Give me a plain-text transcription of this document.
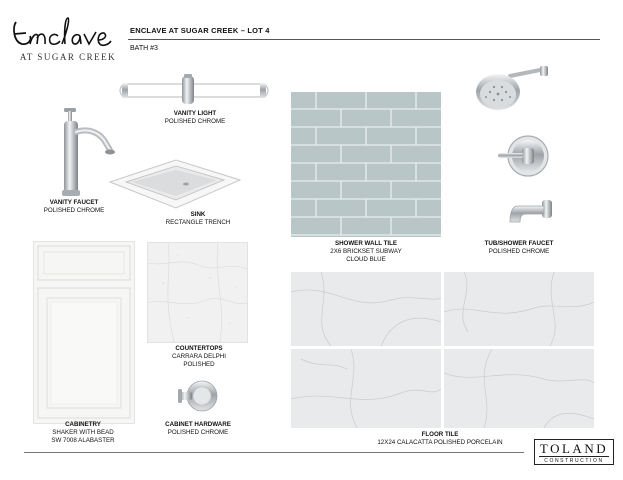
AT SUGAR CREEK
ENCLAVE AT SUGAR CREEK – LOT 4
BATH #3
VANITY LIGHT
POLISHED CHROME
VANITY FAUCET
POLISHED CHROME
SINK
RECTANGLE TRENCH
SHOWER WALL TILE
2X6 BRICKSET SUBWAY
CLOUD BLUE
TUB/SHOWER FAUCET
POLISHED CHROME
CABINETRY
SHAKER WITH BEAD
SW 7008 ALABASTER
COUNTERTOPS
CARRARA DELPHI
POLISHED
CABINET HARDWARE
POLISHED CHROME	FLOOR TILE
12X24 CALACATTA POLISHED PORCELAIN	TOLAND
CONSTRUCTION
